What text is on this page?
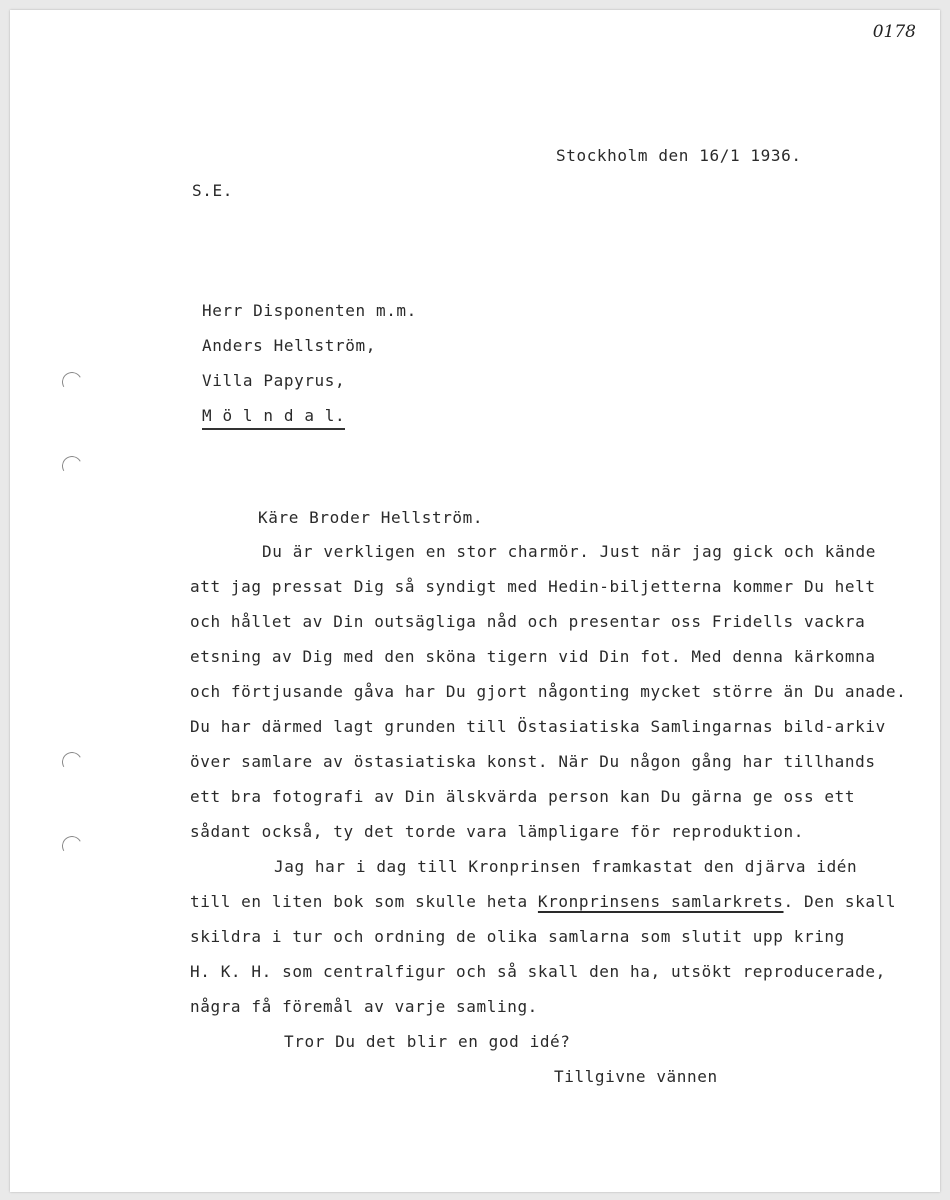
0178
Stockholm den 16/1 1936.
S.E.
Herr Disponenten m.m.
Anders Hellström,
Villa Papyrus,
M ö l n d a l.
Käre Broder Hellström.
Du är verkligen en stor charmör. Just när jag gick och kände
att jag pressat Dig så syndigt med Hedin-biljetterna kommer Du helt
och hållet av Din outsägliga nåd och presentar oss Fridells vackra
etsning av Dig med den sköna tigern vid Din fot. Med denna kärkomna
och förtjusande gåva har Du gjort någonting mycket större än Du anade.
Du har därmed lagt grunden till Östasiatiska Samlingarnas bild-arkiv
över samlare av östasiatiska konst. När Du någon gång har tillhands
ett bra fotografi av Din älskvärda person kan Du gärna ge oss ett
sådant också, ty det torde vara lämpligare för reproduktion.
Jag har i dag till Kronprinsen framkastat den djärva idén
till en liten bok som skulle heta Kronprinsens samlarkrets. Den skall
skildra i tur och ordning de olika samlarna som slutit upp kring
H. K. H. som centralfigur och så skall den ha, utsökt reproducerade,
några få föremål av varje samling.
Tror Du det blir en god idé?
Tillgivne vännen
